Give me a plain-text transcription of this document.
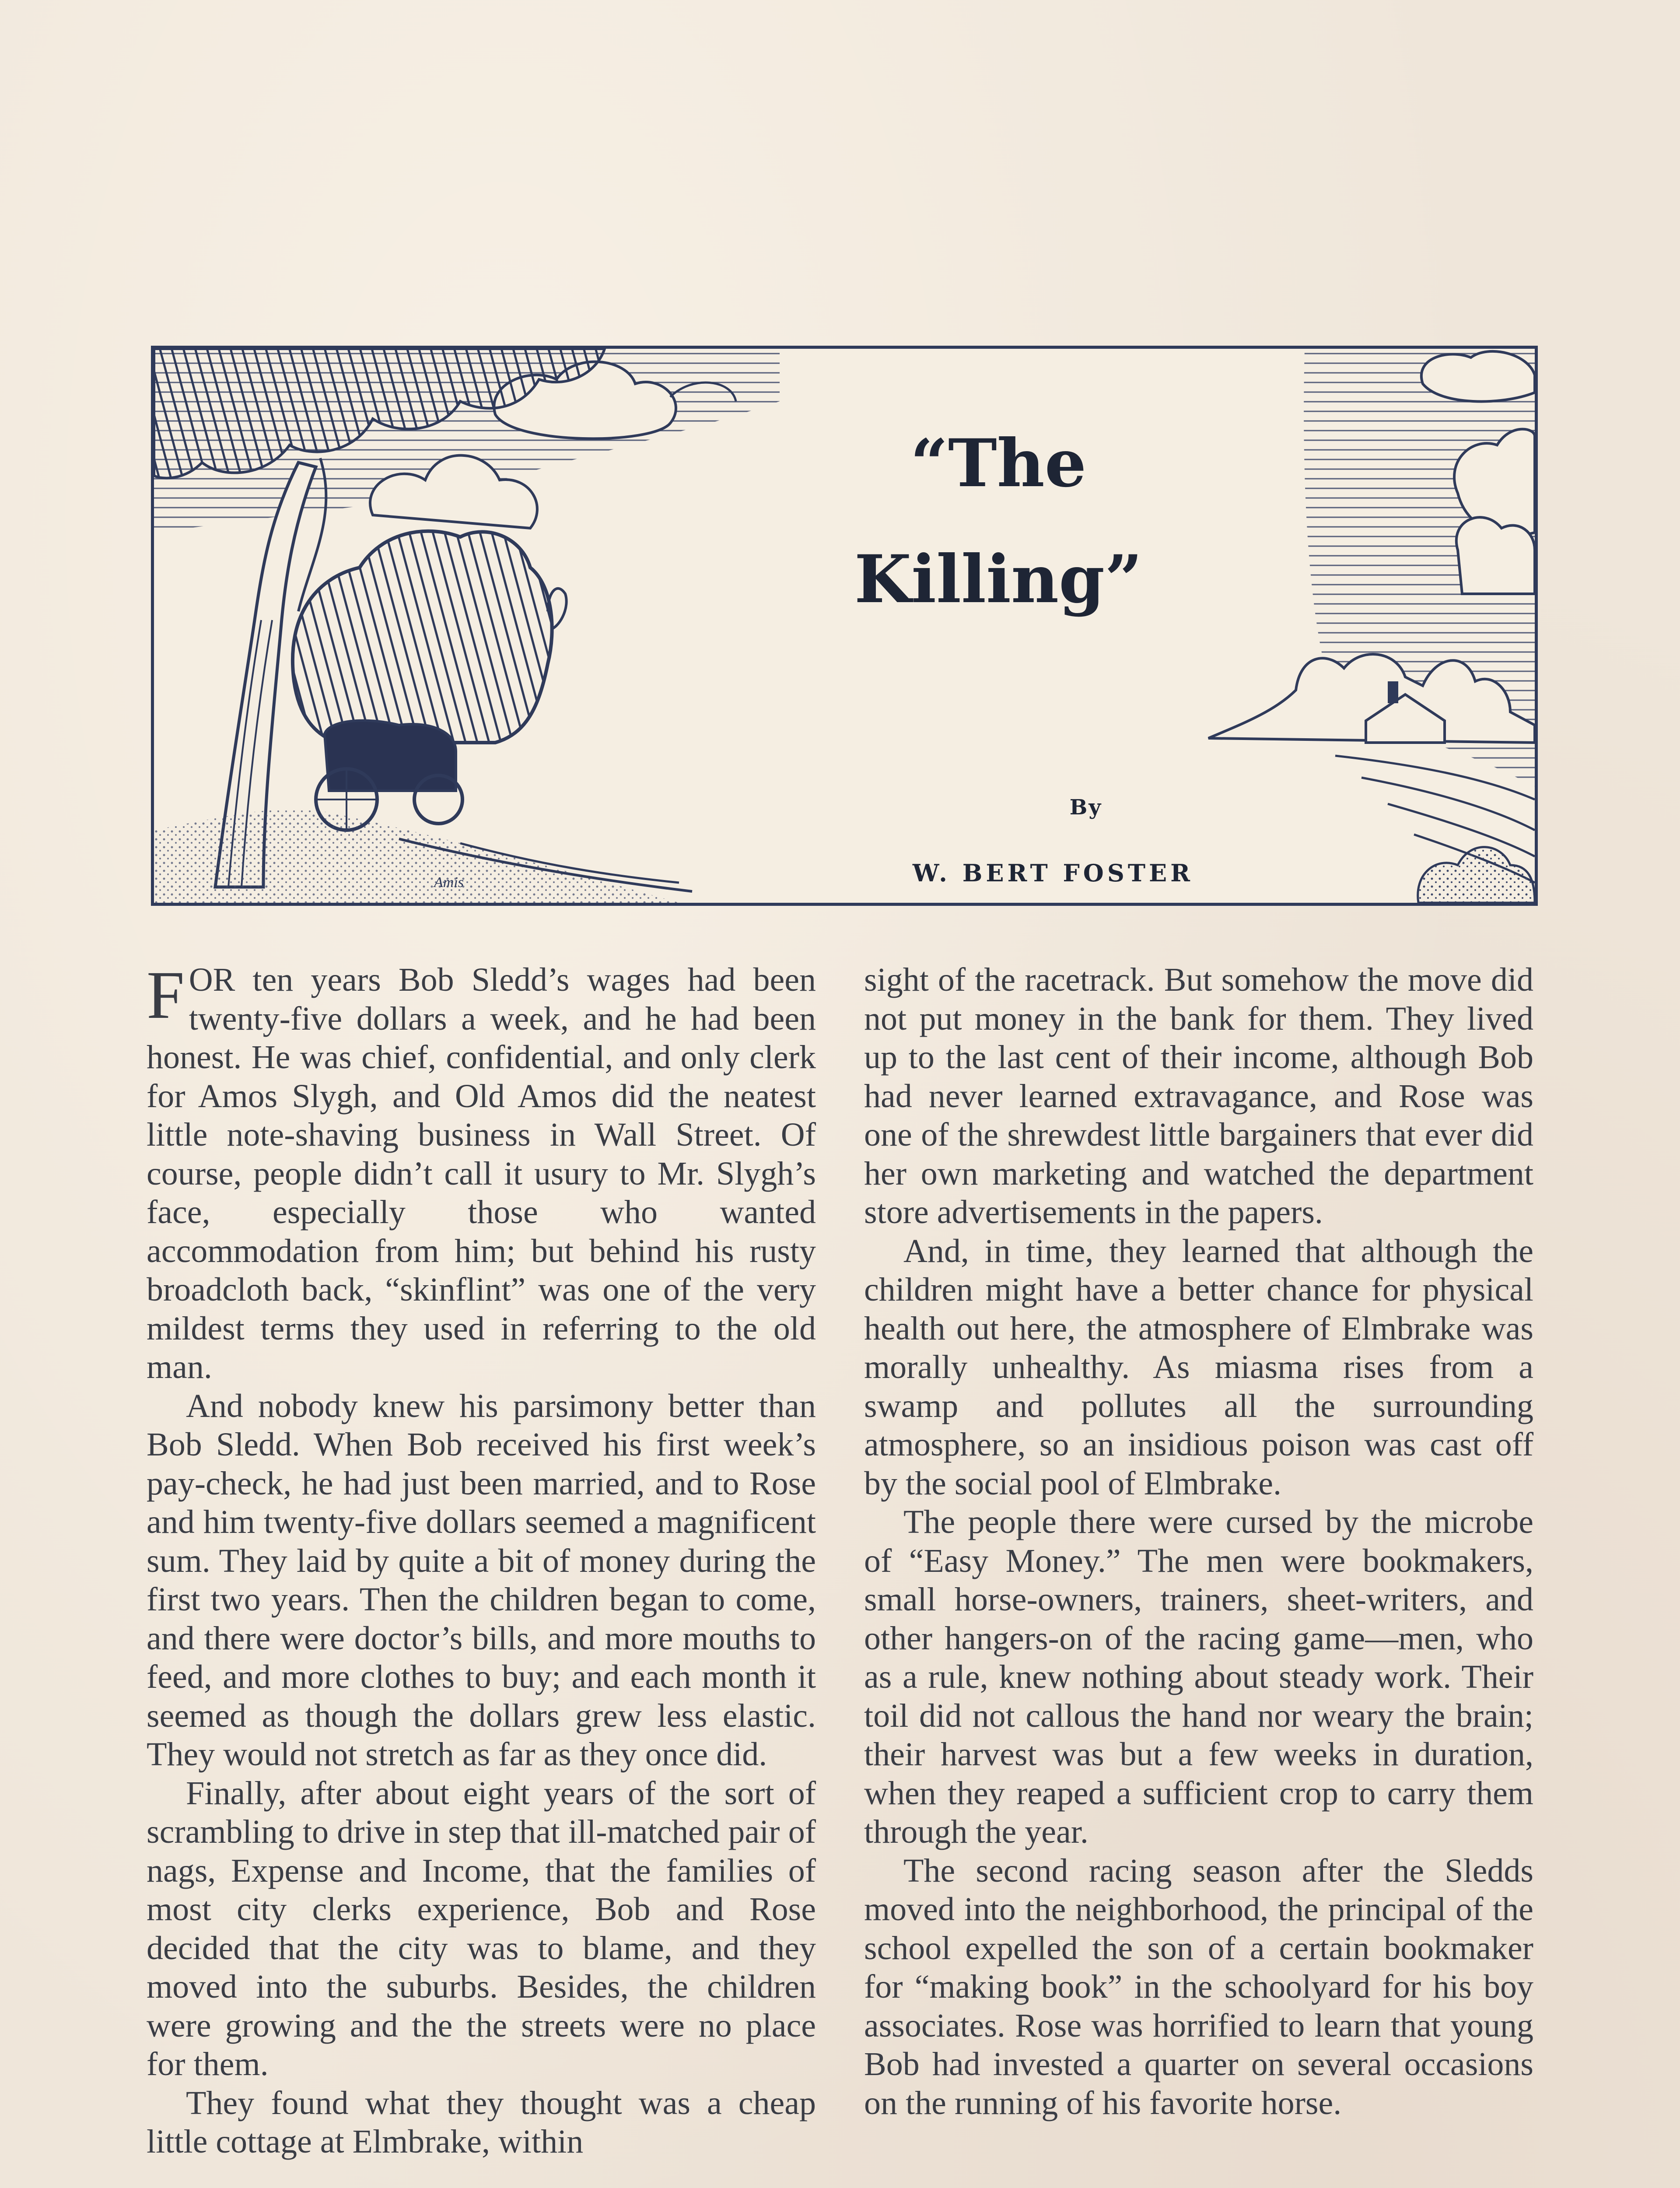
Amis
“The
Killing”
By
W. BERT FOSTER

FOR ten years Bob Sledd’s wages had been twenty-five dollars a week, and he had been honest. He was chief, confidential, and only clerk for Amos Slygh, and Old Amos did the neatest little note-shaving business in Wall Street. Of course, people didn’t call it usury to Mr. Slygh’s face, especially those who wanted accommodation from him; but behind his rusty broadcloth back, “skinflint” was one of the very mildest terms they used in referring to the old man.

And nobody knew his parsimony better than Bob Sledd. When Bob received his first week’s pay-check, he had just been married, and to Rose and him twenty-five dollars seemed a magnificent sum. They laid by quite a bit of money during the first two years. Then the children began to come, and there were doctor’s bills, and more mouths to feed, and more clothes to buy; and each month it seemed as though the dollars grew less elastic. They would not stretch as far as they once did.

Finally, after about eight years of the sort of scrambling to drive in step that ill-matched pair of nags, Expense and Income, that the families of most city clerks experience, Bob and Rose decided that the city was to blame, and they moved into the suburbs. Besides, the children were growing and the the streets were no place for them.

They found what they thought was a cheap little cottage at Elmbrake, within

sight of the racetrack. But somehow the move did not put money in the bank for them. They lived up to the last cent of their income, although Bob had never learned extravagance, and Rose was one of the shrewdest little bargainers that ever did her own marketing and watched the department store advertisements in the papers.

And, in time, they learned that although the children might have a better chance for physical health out here, the atmosphere of Elmbrake was morally unhealthy. As miasma rises from a swamp and pollutes all the surrounding atmosphere, so an insidious poison was cast off by the social pool of Elmbrake.

The people there were cursed by the microbe of “Easy Money.” The men were bookmakers, small horse-owners, trainers, sheet-writers, and other hangers-on of the racing game—men, who as a rule, knew nothing about steady work. Their toil did not callous the hand nor weary the brain; their harvest was but a few weeks in duration, when they reaped a sufficient crop to carry them through the year.

The second racing season after the Sledds moved into the neighborhood, the principal of the school expelled the son of a certain bookmaker for “making book” in the schoolyard for his boy associates. Rose was horrified to learn that young Bob had invested a quarter on several occasions on the running of his favorite horse.
